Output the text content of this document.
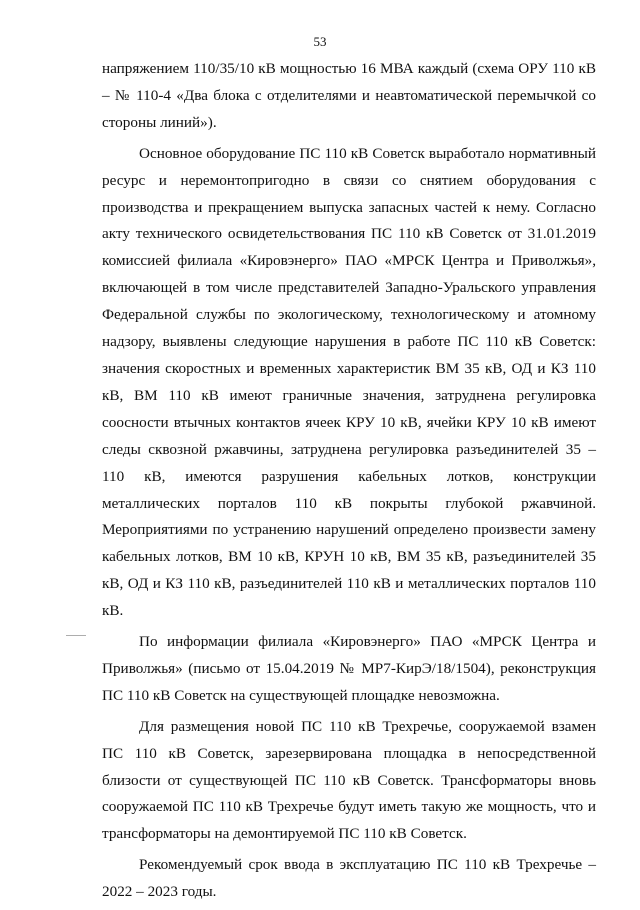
53

напряжением 110/35/10 кВ мощностью 16 МВА каждый (схема ОРУ 110 кВ – № 110-4 «Два блока с отделителями и неавтоматической перемычкой со стороны линий»).

Основное оборудование ПС 110 кВ Советск выработало нормативный ресурс и неремонтопригодно в связи со снятием оборудования с производства и прекращением выпуска запасных частей к нему. Согласно акту технического освидетельствования ПС 110 кВ Советск от 31.01.2019 комиссией филиала «Кировэнерго» ПАО «МРСК Центра и Приволжья», включающей в том числе представителей Западно-Уральского управления Федеральной службы по экологическому, технологическому и атомному надзору, выявлены следующие нарушения в работе ПС 110 кВ Советск: значения скоростных и временных характеристик ВМ 35 кВ, ОД и КЗ 110 кВ, ВМ 110 кВ имеют граничные значения, затруднена регулировка соосности втычных контактов ячеек КРУ 10 кВ, ячейки КРУ 10 кВ имеют следы сквозной ржавчины, затруднена регулировка разъединителей 35 – 110 кВ, имеются разрушения кабельных лотков, конструкции металлических порталов 110 кВ покрыты глубокой ржавчиной. Мероприятиями по устранению нарушений определено произвести замену кабельных лотков, ВМ 10 кВ, КРУН 10 кВ, ВМ 35 кВ, разъединителей 35 кВ, ОД и КЗ 110 кВ, разъединителей 110 кВ и металлических порталов 110 кВ.

По информации филиала «Кировэнерго» ПАО «МРСК Центра и Приволжья» (письмо от 15.04.2019 № МР7-КирЭ/18/1504), реконструкция ПС 110 кВ Советск на существующей площадке невозможна.

Для размещения новой ПС 110 кВ Трехречье, сооружаемой взамен ПС 110 кВ Советск, зарезервирована площадка в непосредственной близости от существующей ПС 110 кВ Советск. Трансформаторы вновь сооружаемой ПС 110 кВ Трехречье будут иметь такую же мощность, что и трансформаторы на демонтируемой ПС 110 кВ Советск.

Рекомендуемый срок ввода в эксплуатацию ПС 110 кВ Трехречье – 2022 – 2023 годы.
